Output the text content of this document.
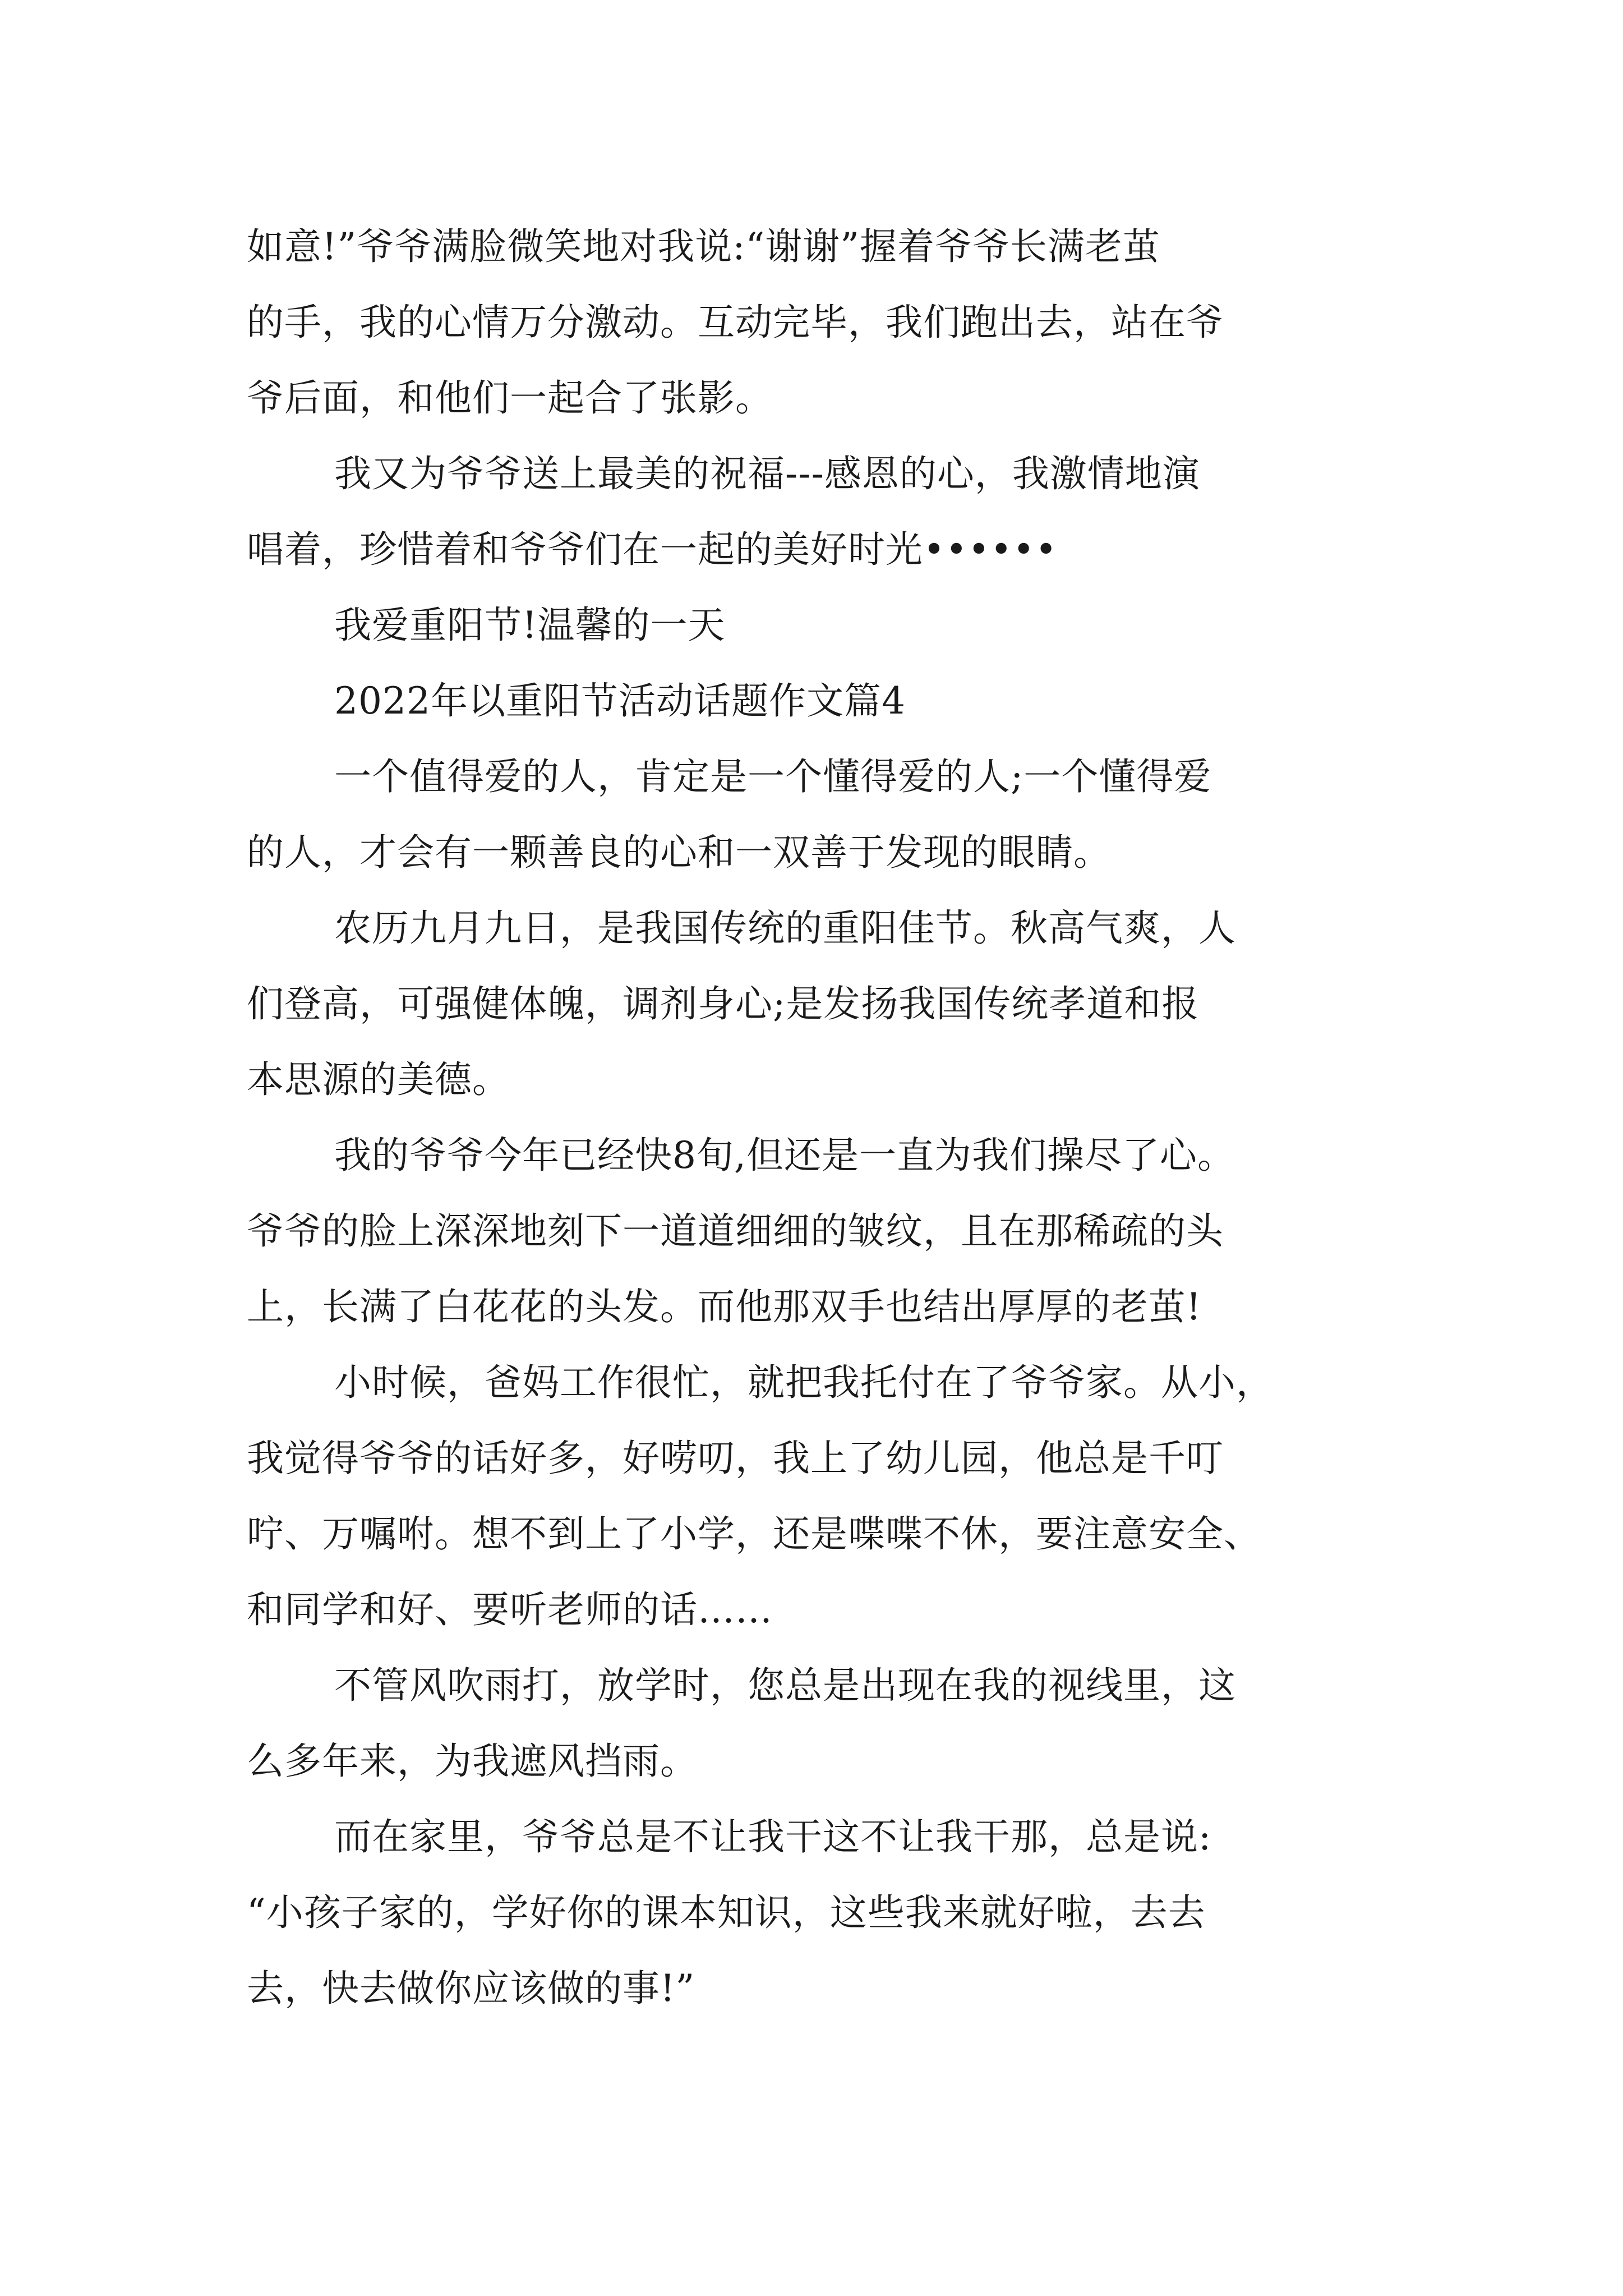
如意!”爷爷满脸微笑地对我说:“谢谢”握着爷爷长满老茧
的手，我的心情万分激动。互动完毕，我们跑出去，站在爷
爷后面，和他们一起合了张影。
我又为爷爷送上最美的祝福---感恩的心，我激情地演
唱着，珍惜着和爷爷们在一起的美好时光••••••
我爱重阳节!温馨的一天
2022年以重阳节活动话题作文篇4
一个值得爱的人，肯定是一个懂得爱的人;一个懂得爱
的人，才会有一颗善良的心和一双善于发现的眼睛。
农历九月九日，是我国传统的重阳佳节。秋高气爽，人
们登高，可强健体魄，调剂身心;是发扬我国传统孝道和报
本思源的美德。
我的爷爷今年已经快8旬,但还是一直为我们操尽了心。
爷爷的脸上深深地刻下一道道细细的皱纹，且在那稀疏的头
上，长满了白花花的头发。而他那双手也结出厚厚的老茧!
小时候，爸妈工作很忙，就把我托付在了爷爷家。从小，
我觉得爷爷的话好多，好唠叨，我上了幼儿园，他总是千叮
咛、万嘱咐。想不到上了小学，还是喋喋不休，要注意安全、
和同学和好、要听老师的话……
不管风吹雨打，放学时，您总是出现在我的视线里，这
么多年来，为我遮风挡雨。
而在家里，爷爷总是不让我干这不让我干那，总是说:
“小孩子家的，学好你的课本知识，这些我来就好啦，去去
去，快去做你应该做的事!”
